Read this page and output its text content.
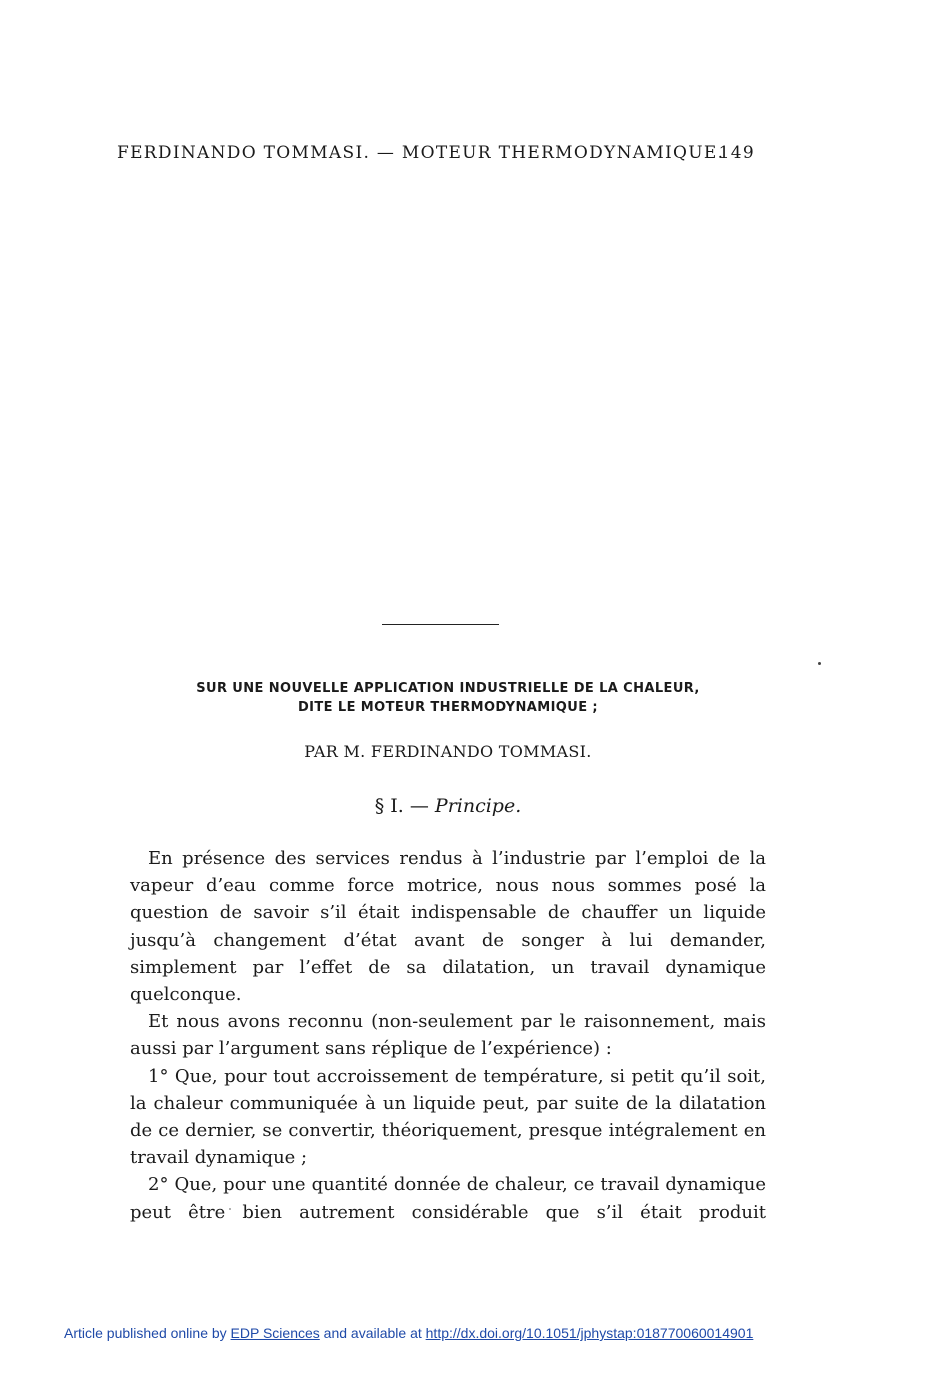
FERDINANDO TOMMASI. — MOTEUR THERMODYNAMIQUE.
149
SUR UNE NOUVELLE APPLICATION INDUSTRIELLE DE LA CHALEUR,
DITE LE MOTEUR THERMODYNAMIQUE ;
PAR M. FERDINANDO TOMMASI.
§ I. — Principe.

En présence des services rendus à l’industrie par l’emploi de la vapeur d’eau comme force motrice, nous nous sommes posé la question de savoir s’il était indispensable de chauffer un liquide jusqu’à changement d’état avant de songer à lui demander, simplement par l’effet de sa dilatation, un travail dynamique quelconque.

Et nous avons reconnu (non-seulement par le raisonnement, mais aussi par l’argument sans réplique de l’expérience) :

1° Que, pour tout accroissement de température, si petit qu’il soit, la chaleur communiquée à un liquide peut, par suite de la dilatation de ce dernier, se convertir, théoriquement, presque intégralement en travail dynamique ;

2° Que, pour une quantité donnée de chaleur, ce travail dynamique peut être bien autrement considérable que s’il était produit

Article published online by EDP Sciences and available at http://dx.doi.org/10.1051/jphystap:018770060014901
